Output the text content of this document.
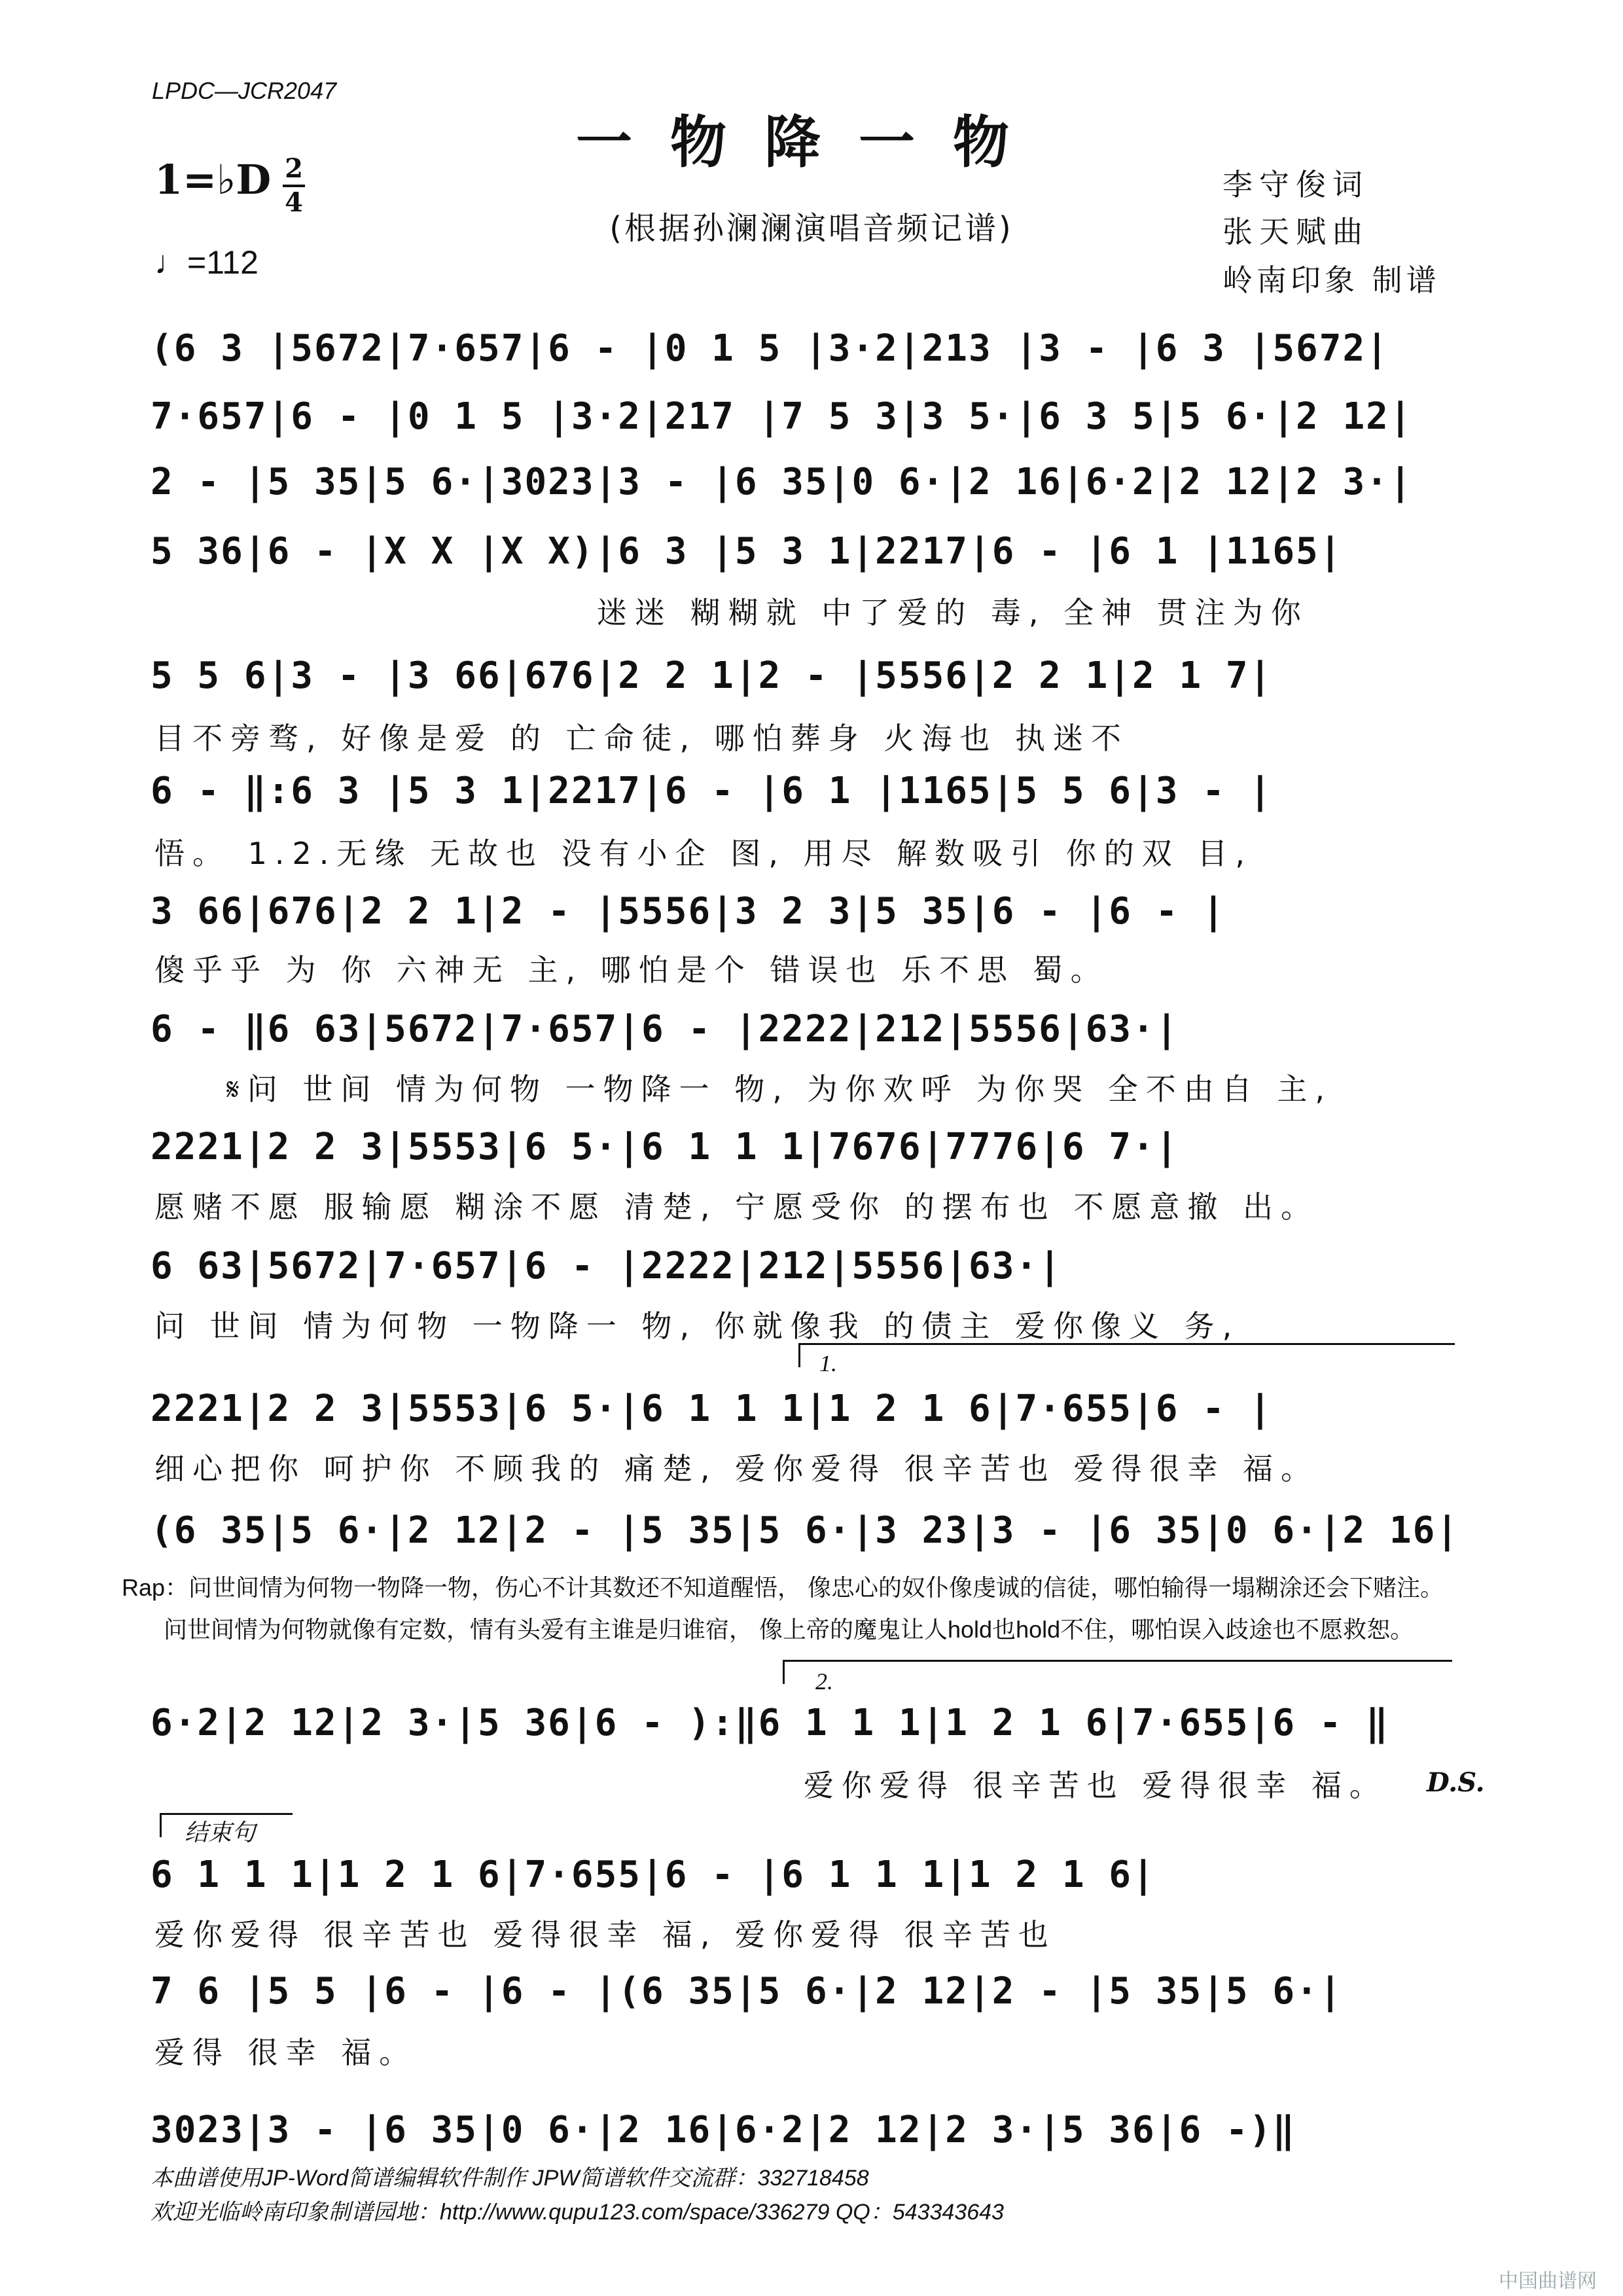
LPDC—JCR2047
一物降一物
1=♭D 2
4
♩=112
(根据孙澜澜演唱音频记谱)
李守俊词
张天赋曲
岭南印象 制谱
(6 3 |5672|7·657|6 - |0 1 5 |3·2|213 |3 - |6 3 |5672|
7·657|6 - |0 1 5 |3·2|217 |7 5 3|3 5·|6 3 5|5 6·|2 12|
2 - |5 35|5 6·|3023|3 - |6 35|0 6·|2 16|6·2|2 12|2 3·|
5 36|6 - |X X |X X)|6 3 |5 3 1|2217|6 - |6 1 |1165|
迷迷 糊糊就 中了爱的 毒, 全神 贯注为你
5 5 6|3 - |3 66|676|2 2 1|2 - |5556|2 2 1|2 1 7|
目不旁骛, 好像是爱 的 亡命徒, 哪怕葬身 火海也 执迷不
6 - ‖:6 3 |5 3 1|2217|6 - |6 1 |1165|5 5 6|3 - |
悟。 1.2.无缘 无故也 没有小企 图, 用尽 解数吸引 你的双 目,
3 66|676|2 2 1|2 - |5556|3 2 3|5 35|6 - |6 - |
傻乎乎 为 你 六神无 主, 哪怕是个 错误也 乐不思 蜀。
6 - ‖6 63|5672|7·657|6 - |2222|212|5556|63·|
𝄋问 世间 情为何物 一物降一 物, 为你欢呼 为你哭 全不由自 主,
2221|2 2 3|5553|6 5·|6 1 1 1|7676|7776|6 7·|
愿赌不愿 服输愿 糊涂不愿 清楚, 宁愿受你 的摆布也 不愿意撤 出。
6 63|5672|7·657|6 - |2222|212|5556|63·|
问 世间 情为何物 一物降一 物, 你就像我 的债主 爱你像义 务,
1.
2221|2 2 3|5553|6 5·|6 1 1 1|1 2 1 6|7·655|6 - |
细心把你 呵护你 不顾我的 痛楚, 爱你爱得 很辛苦也 爱得很幸 福。
(6 35|5 6·|2 12|2 - |5 35|5 6·|3 23|3 - |6 35|0 6·|2 16|
Rap：问世间情为何物一物降一物，伤心不计其数还不知道醒悟， 像忠心的奴仆像虔诚的信徒，哪怕输得一塌糊涂还会下赌注。
问世间情为何物就像有定数，情有头爱有主谁是归谁宿， 像上帝的魔鬼让人hold也hold不住，哪怕误入歧途也不愿救恕。
2.
6·2|2 12|2 3·|5 36|6 - ):‖6 1 1 1|1 2 1 6|7·655|6 - ‖
爱你爱得 很辛苦也 爱得很幸 福。 D.S.
结束句
6 1 1 1|1 2 1 6|7·655|6 - |6 1 1 1|1 2 1 6|
爱你爱得 很辛苦也 爱得很幸 福, 爱你爱得 很辛苦也
7 6 |5 5 |6 - |6 - |(6 35|5 6·|2 12|2 - |5 35|5 6·|
爱得 很幸 福。
3023|3 - |6 35|0 6·|2 16|6·2|2 12|2 3·|5 36|6 -)‖
本曲谱使用JP-Word简谱编辑软件制作 JPW简谱软件交流群：332718458
欢迎光临岭南印象制谱园地：http://www.qupu123.com/space/336279 QQ：543343643
中国曲谱网
